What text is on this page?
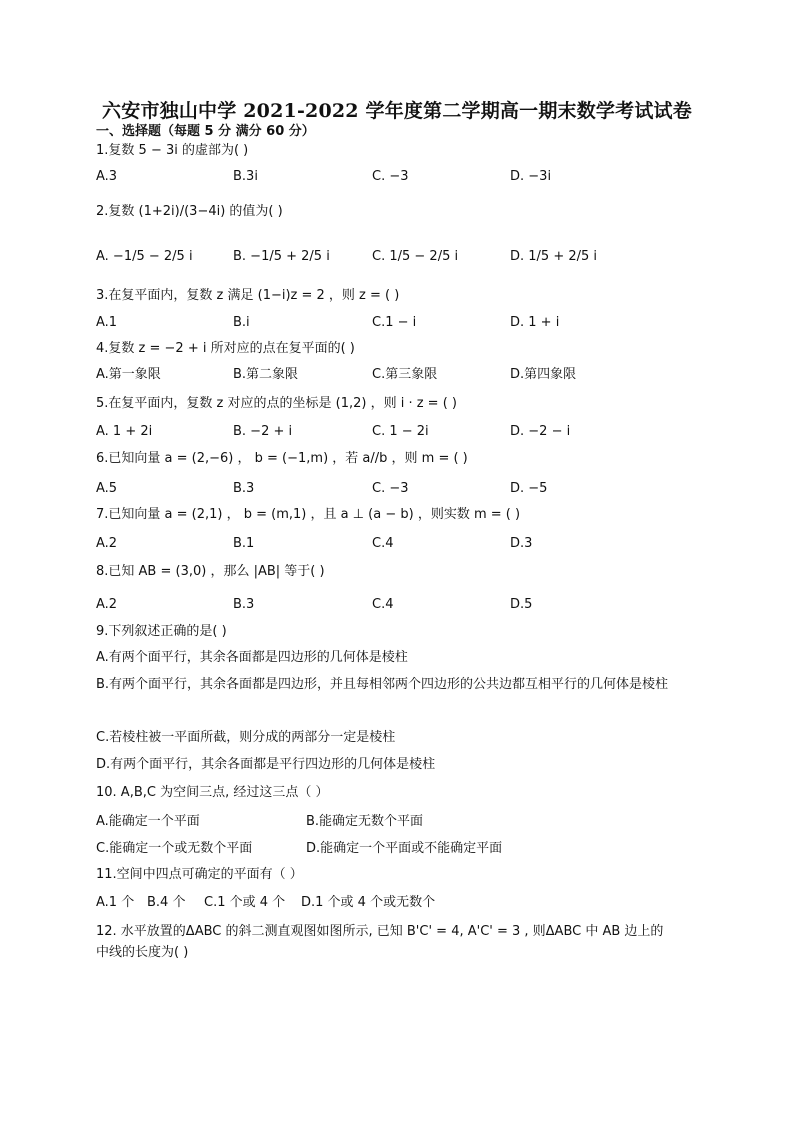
六安市独山中学 2021-2022 学年度第二学期高一期末数学考试试卷
一、选择题（每题 5 分 满分 60 分）
1.复数 5 − 3i 的虚部为( )
A.3	B.3i	C. −3	D. −3i
2.复数 (1+2i)/(3−4i) 的值为( )
A. −1/5 − 2/5 i	B. −1/5 + 2/5 i	C. 1/5 − 2/5 i	D. 1/5 + 2/5 i
3.在复平面内，复数 z 满足 (1−i)z = 2 ，则 z = ( )
A.1	B.i	C.1 − i	D. 1 + i
4.复数 z = −2 + i 所对应的点在复平面的( )
A.第一象限	B.第二象限	C.第三象限	D.第四象限
5.在复平面内，复数 z 对应的点的坐标是 (1,2) ，则 i · z = ( )
A. 1 + 2i	B. −2 + i	C. 1 − 2i	D. −2 − i
6.已知向量 a = (2,−6) ， b = (−1,m) ，若 a//b ，则 m = ( )
A.5	B.3	C. −3	D. −5
7.已知向量 a = (2,1) ， b = (m,1) ，且 a ⊥ (a − b) ，则实数 m = ( )
A.2	B.1	C.4	D.3
8.已知 AB = (3,0) ，那么 |AB| 等于( )
A.2	B.3	C.4	D.5
9.下列叙述正确的是( )
A.有两个面平行，其余各面都是四边形的几何体是棱柱
B.有两个面平行，其余各面都是四边形，并且每相邻两个四边形的公共边都互相平行的几何体是棱柱
C.若棱柱被一平面所截，则分成的两部分一定是棱柱
D.有两个面平行，其余各面都是平行四边形的几何体是棱柱
10. A,B,C 为空间三点, 经过这三点（ ）
A.能确定一个平面	B.能确定无数个平面
C.能确定一个或无数个平面	D.能确定一个平面或不能确定平面
11.空间中四点可确定的平面有（ ）
A.1 个 B.4 个 C.1 个或 4 个 D.1 个或 4 个或无数个
12. 水平放置的ΔABC 的斜二测直观图如图所示, 已知 B'C' = 4, A'C' = 3 , 则ΔABC 中 AB 边上的
中线的长度为( )
